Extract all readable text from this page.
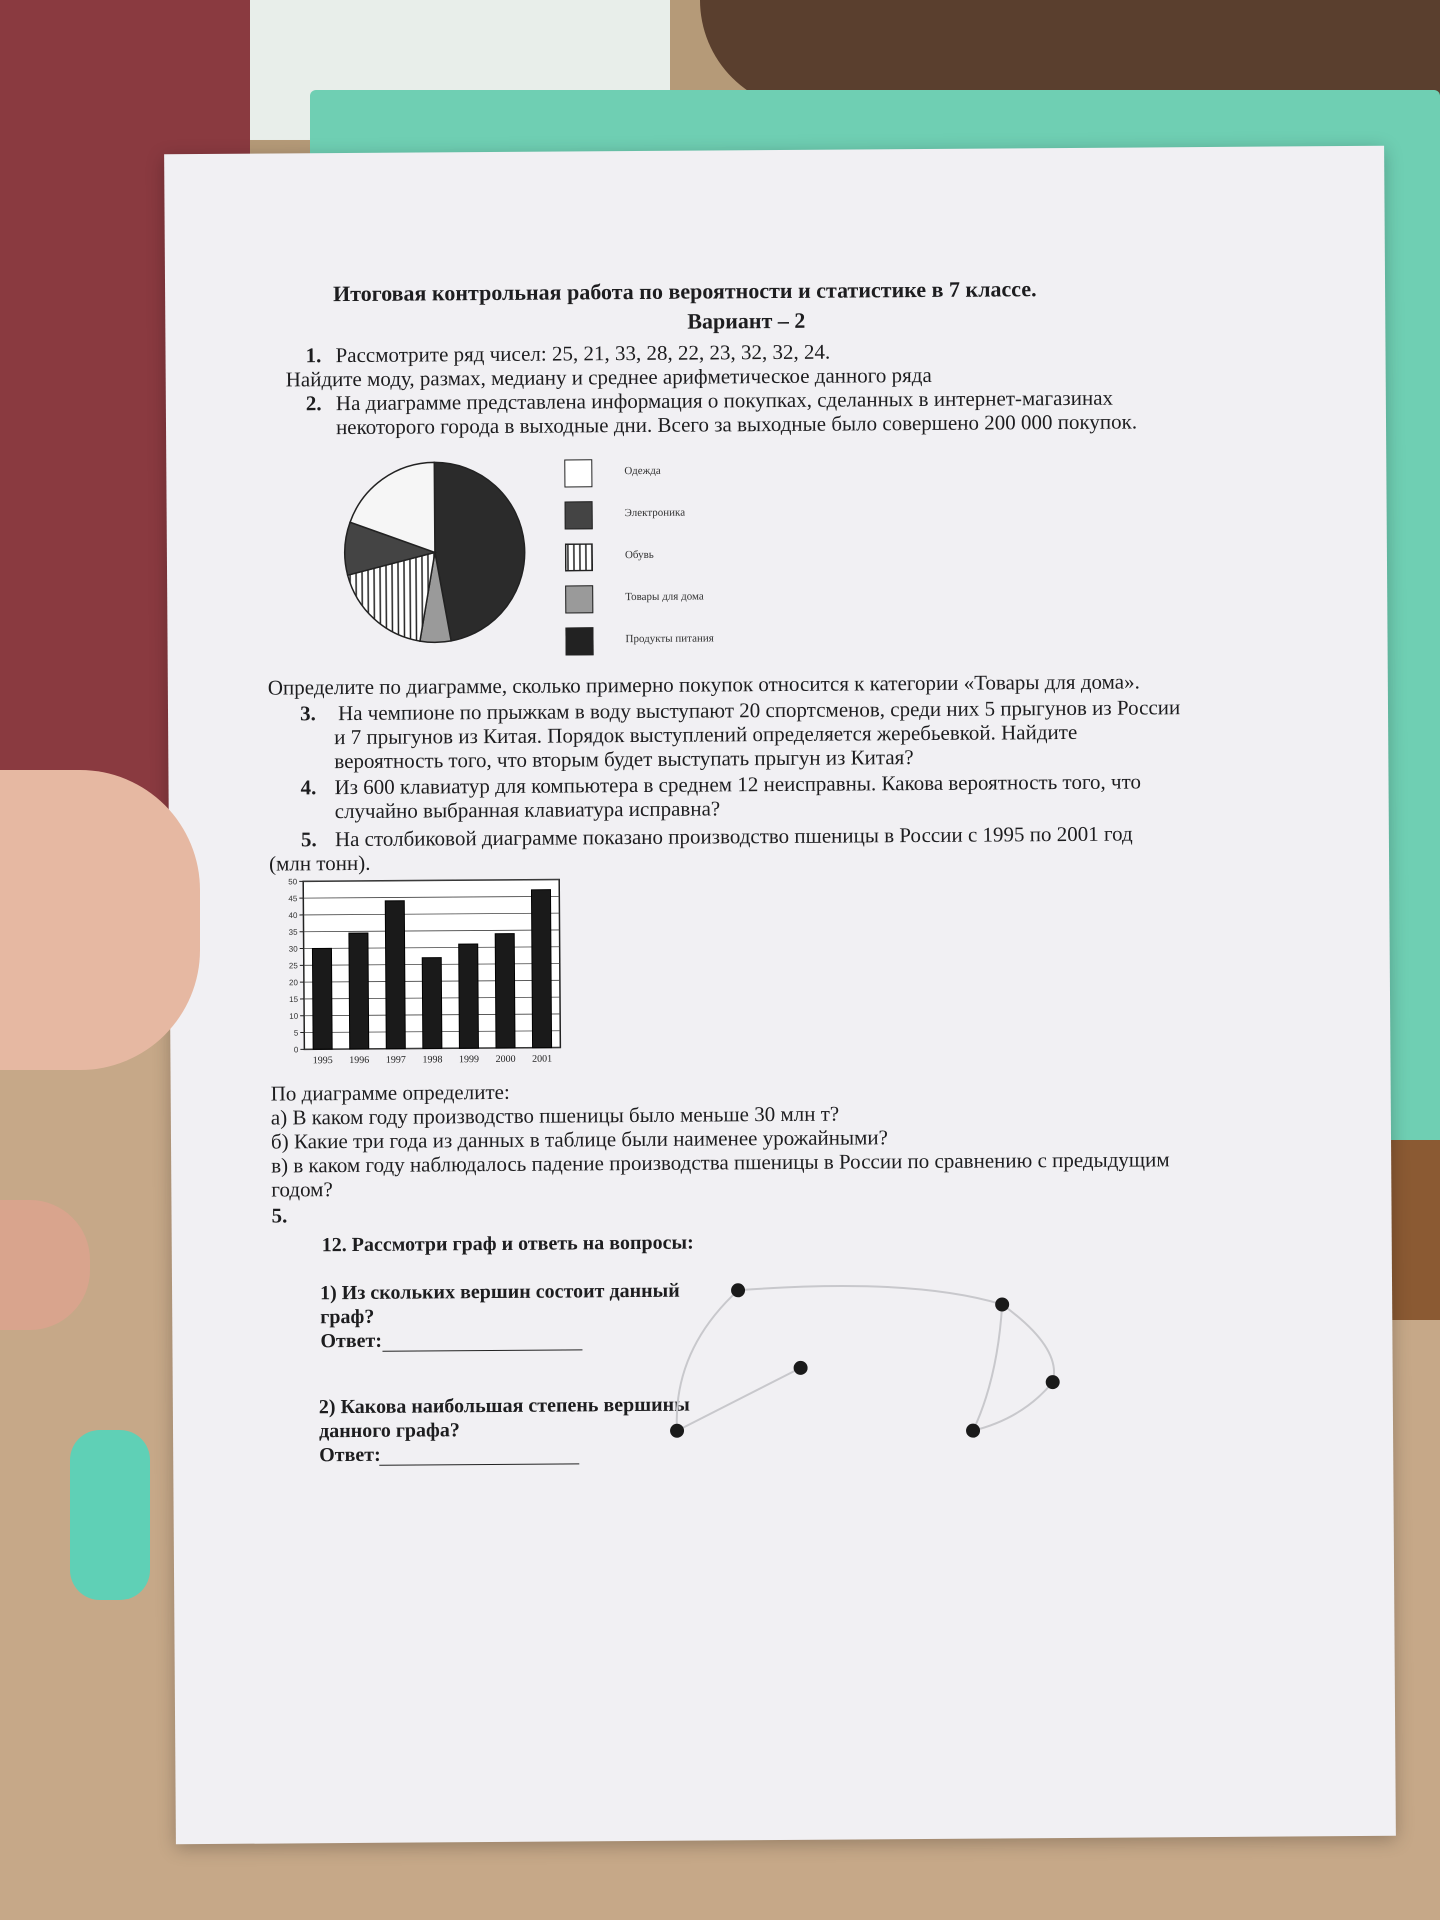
Итоговая контрольная работа по вероятности и статистике в 7 классе.
Вариант – 2
1. Рассмотрите ряд чисел: 25, 21, 33, 28, 22, 23, 32, 32, 24.
Найдите моду, размах, медиану и среднее арифметическое данного ряда
2. На диаграмме представлена информация о покупках, сделанных в интернет-магазинах
некоторого города в выходные дни. Всего за выходные было совершено 200 000 покупок.
Одежда
Электроника
Обувь
Товары для дома
Продукты питания
Определите по диаграмме, сколько примерно покупок относится к категории «Товары для дома».
3. На чемпионе по прыжкам в воду выступают 20 спортсменов, среди них 5 прыгунов из России
и 7 прыгунов из Китая. Порядок выступлений определяется жеребьевкой. Найдите
вероятность того, что вторым будет выступать прыгун из Китая?
4. Из 600 клавиатур для компьютера в среднем 12 неисправны. Какова вероятность того, что
случайно выбранная клавиатура исправна?
5. На столбиковой диаграмме показано производство пшеницы в России с 1995 по 2001 год
(млн тонн).
0
5
10
15
20
25
30
35
40
45
50
1995 1996 1997 1998 1999 2000 2001
По диаграмме определите:
а) В каком году производство пшеницы было меньше 30 млн т?
б) Какие три года из данных в таблице были наименее урожайными?
в) в каком году наблюдалось падение производства пшеницы в России по сравнению с предыдущим
годом?
5.
12. Рассмотри граф и ответь на вопросы:
1) Из скольких вершин состоит данный
граф?
Ответ:
2) Какова наибольшая степень вершины
данного графа?
Ответ:
